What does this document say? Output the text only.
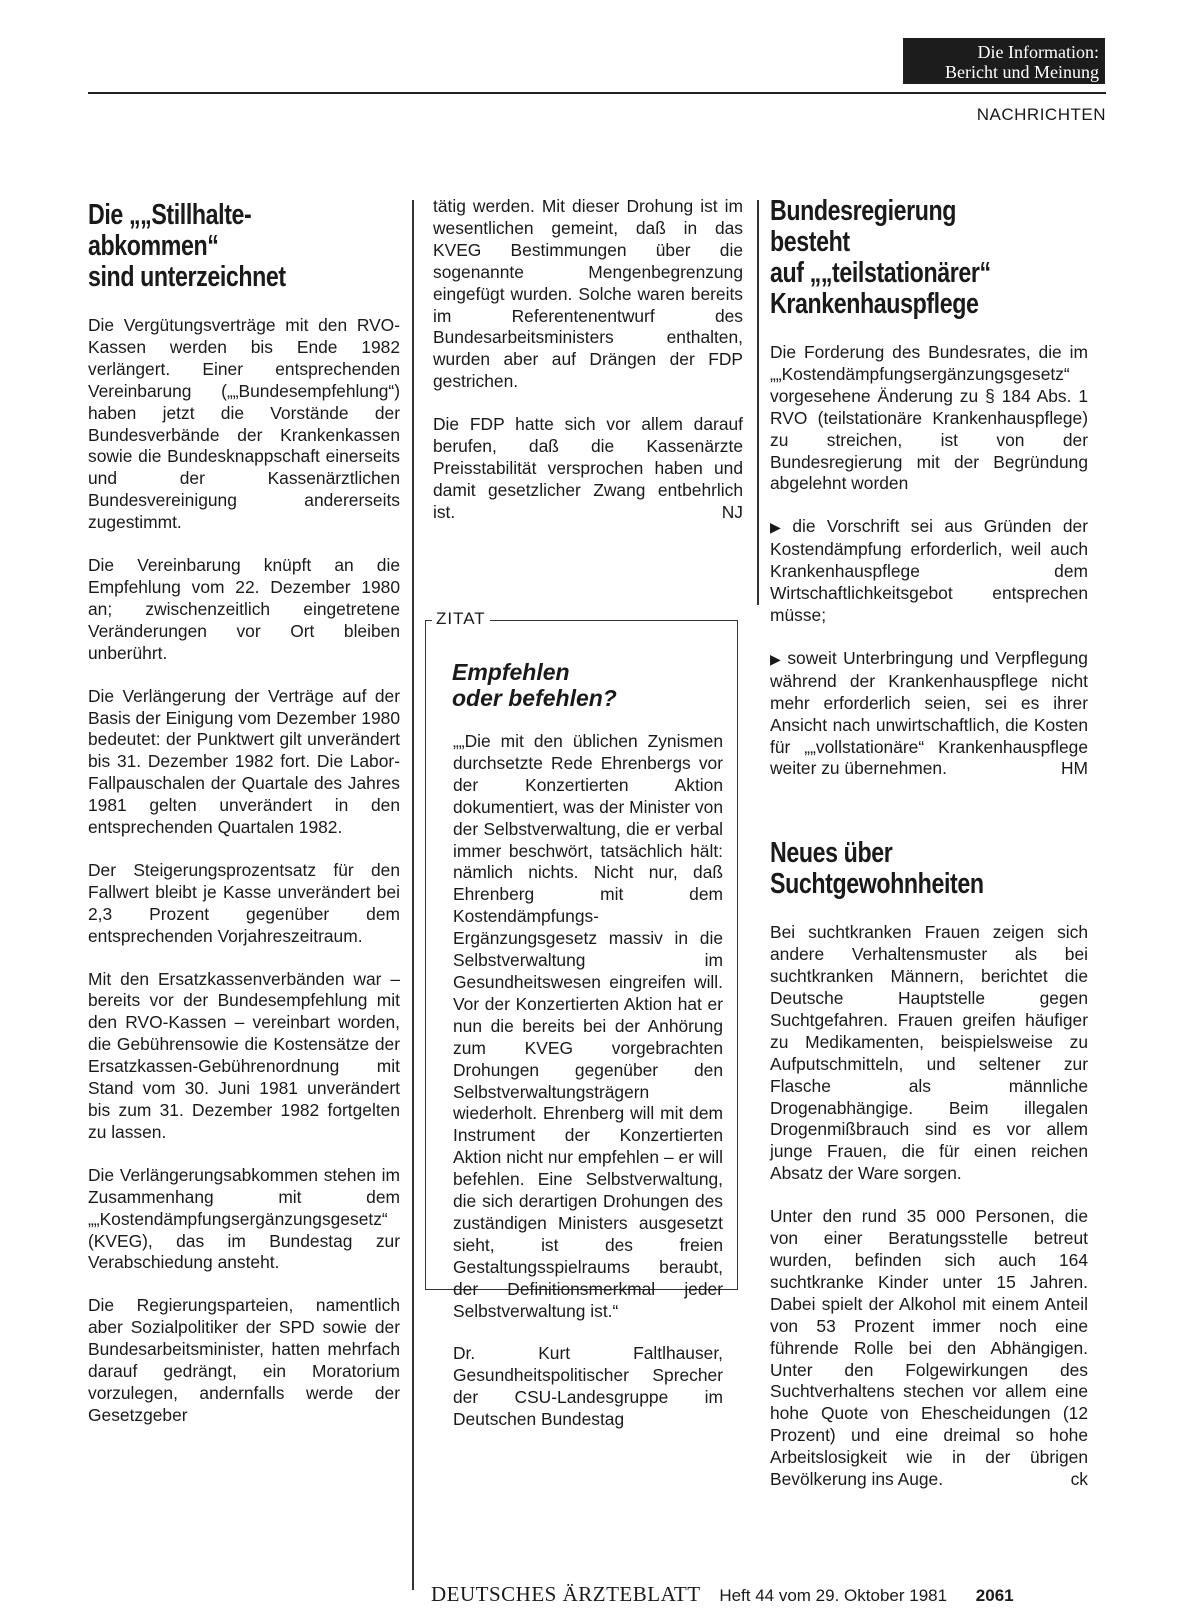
Die Information:
Bericht und Meinung
NACHRICHTEN
Die „„Stillhalte-
abkommen“
sind unterzeichnet

Die Vergütungsverträge mit den RVO-Kassen werden bis Ende 1982 verlängert. Einer entsprechenden Vereinbarung („„Bundesempfehlung“) haben jetzt die Vorstände der Bundesverbände der Krankenkassen sowie die Bundesknappschaft einerseits und der Kassenärztlichen Bundesvereinigung andererseits zugestimmt.

Die Vereinbarung knüpft an die Empfehlung vom 22. Dezember 1980 an; zwischenzeitlich eingetretene Veränderungen vor Ort bleiben unberührt.

Die Verlängerung der Verträge auf der Basis der Einigung vom Dezember 1980 bedeutet: der Punktwert gilt unverändert bis 31. Dezember 1982 fort. Die Labor-Fallpauschalen der Quartale des Jahres 1981 gelten unverändert in den entsprechenden Quartalen 1982.

Der Steigerungsprozentsatz für den Fallwert bleibt je Kasse unverändert bei 2,3 Prozent gegenüber dem entsprechenden Vorjahreszeitraum.

Mit den Ersatzkassenverbänden war – bereits vor der Bundesempfehlung mit den RVO-Kassen – vereinbart worden, die Gebührensowie die Kostensätze der Ersatzkassen-Gebührenordnung mit Stand vom 30. Juni 1981 unverändert bis zum 31. Dezember 1982 fortgelten zu lassen.

Die Verlängerungsabkommen stehen im Zusammenhang mit dem „„Kostendämpfungsergänzungsgesetz“ (KVEG), das im Bundestag zur Verabschiedung ansteht.

Die Regierungsparteien, namentlich aber Sozialpolitiker der SPD sowie der Bundesarbeitsminister, hatten mehrfach darauf gedrängt, ein Moratorium vorzulegen, andernfalls werde der Gesetzgeber

tätig werden. Mit dieser Drohung ist im wesentlichen gemeint, daß in das KVEG Bestimmungen über die sogenannte Mengenbegrenzung eingefügt wurden. Solche waren bereits im Referentenentwurf des Bundesarbeitsministers enthalten, wurden aber auf Drängen der FDP gestrichen.

Die FDP hatte sich vor allem darauf berufen, daß die Kassenärzte Preisstabilität versprochen haben und damit gesetzlicher Zwang entbehrlich ist.	NJ

ZITAT
Empfehlen
oder befehlen?

„„Die mit den üblichen Zynismen durchsetzte Rede Ehrenbergs vor der Konzertierten Aktion dokumentiert, was der Minister von der Selbstverwaltung, die er verbal immer beschwört, tatsächlich hält: nämlich nichts. Nicht nur, daß Ehrenberg mit dem Kostendämpfungs-Ergänzungsgesetz massiv in die Selbstverwaltung im Gesundheitswesen eingreifen will. Vor der Konzertierten Aktion hat er nun die bereits bei der Anhörung zum KVEG vorgebrachten Drohungen gegenüber den Selbstverwaltungsträgern wiederholt. Ehrenberg will mit dem Instrument der Konzertierten Aktion nicht nur empfehlen – er will befehlen. Eine Selbstverwaltung, die sich derartigen Drohungen des zuständigen Ministers ausgesetzt sieht, ist des freien Gestaltungsspielraums beraubt, der Definitionsmerkmal jeder Selbstverwaltung ist.“

Dr. Kurt Faltlhauser, Gesundheitspolitischer Sprecher der CSU-Landesgruppe im Deutschen Bundestag

Bundesregierung besteht
auf „„teilstationärer“
Krankenhauspflege

Die Forderung des Bundesrates, die im „„Kostendämpfungsergänzungsgesetz“ vorgesehene Änderung zu § 184 Abs. 1 RVO (teilstationäre Krankenhauspflege) zu streichen, ist von der Bundesregierung mit der Begründung abgelehnt worden

▶ die Vorschrift sei aus Gründen der Kostendämpfung erforderlich, weil auch Krankenhauspflege dem Wirtschaftlichkeitsgebot entsprechen müsse;

▶ soweit Unterbringung und Verpflegung während der Krankenhauspflege nicht mehr erforderlich seien, sei es ihrer Ansicht nach unwirtschaftlich, die Kosten für „„vollstationäre“ Krankenhauspflege weiter zu übernehmen.	HM

Neues über
Suchtgewohnheiten

Bei suchtkranken Frauen zeigen sich andere Verhaltensmuster als bei suchtkranken Männern, berichtet die Deutsche Hauptstelle gegen Suchtgefahren. Frauen greifen häufiger zu Medikamenten, beispielsweise zu Aufputschmitteln, und seltener zur Flasche als männliche Drogenabhängige. Beim illegalen Drogenmißbrauch sind es vor allem junge Frauen, die für einen reichen Absatz der Ware sorgen.

Unter den rund 35 000 Personen, die von einer Beratungsstelle betreut wurden, befinden sich auch 164 suchtkranke Kinder unter 15 Jahren. Dabei spielt der Alkohol mit einem Anteil von 53 Prozent immer noch eine führende Rolle bei den Abhängigen. Unter den Folgewirkungen des Suchtverhaltens stechen vor allem eine hohe Quote von Ehescheidungen (12 Prozent) und eine dreimal so hohe Arbeitslosigkeit wie in der übrigen Bevölkerung ins Auge.	ck

DEUTSCHES ÄRZTEBLATT Heft 44 vom 29. Oktober 1981 2061
